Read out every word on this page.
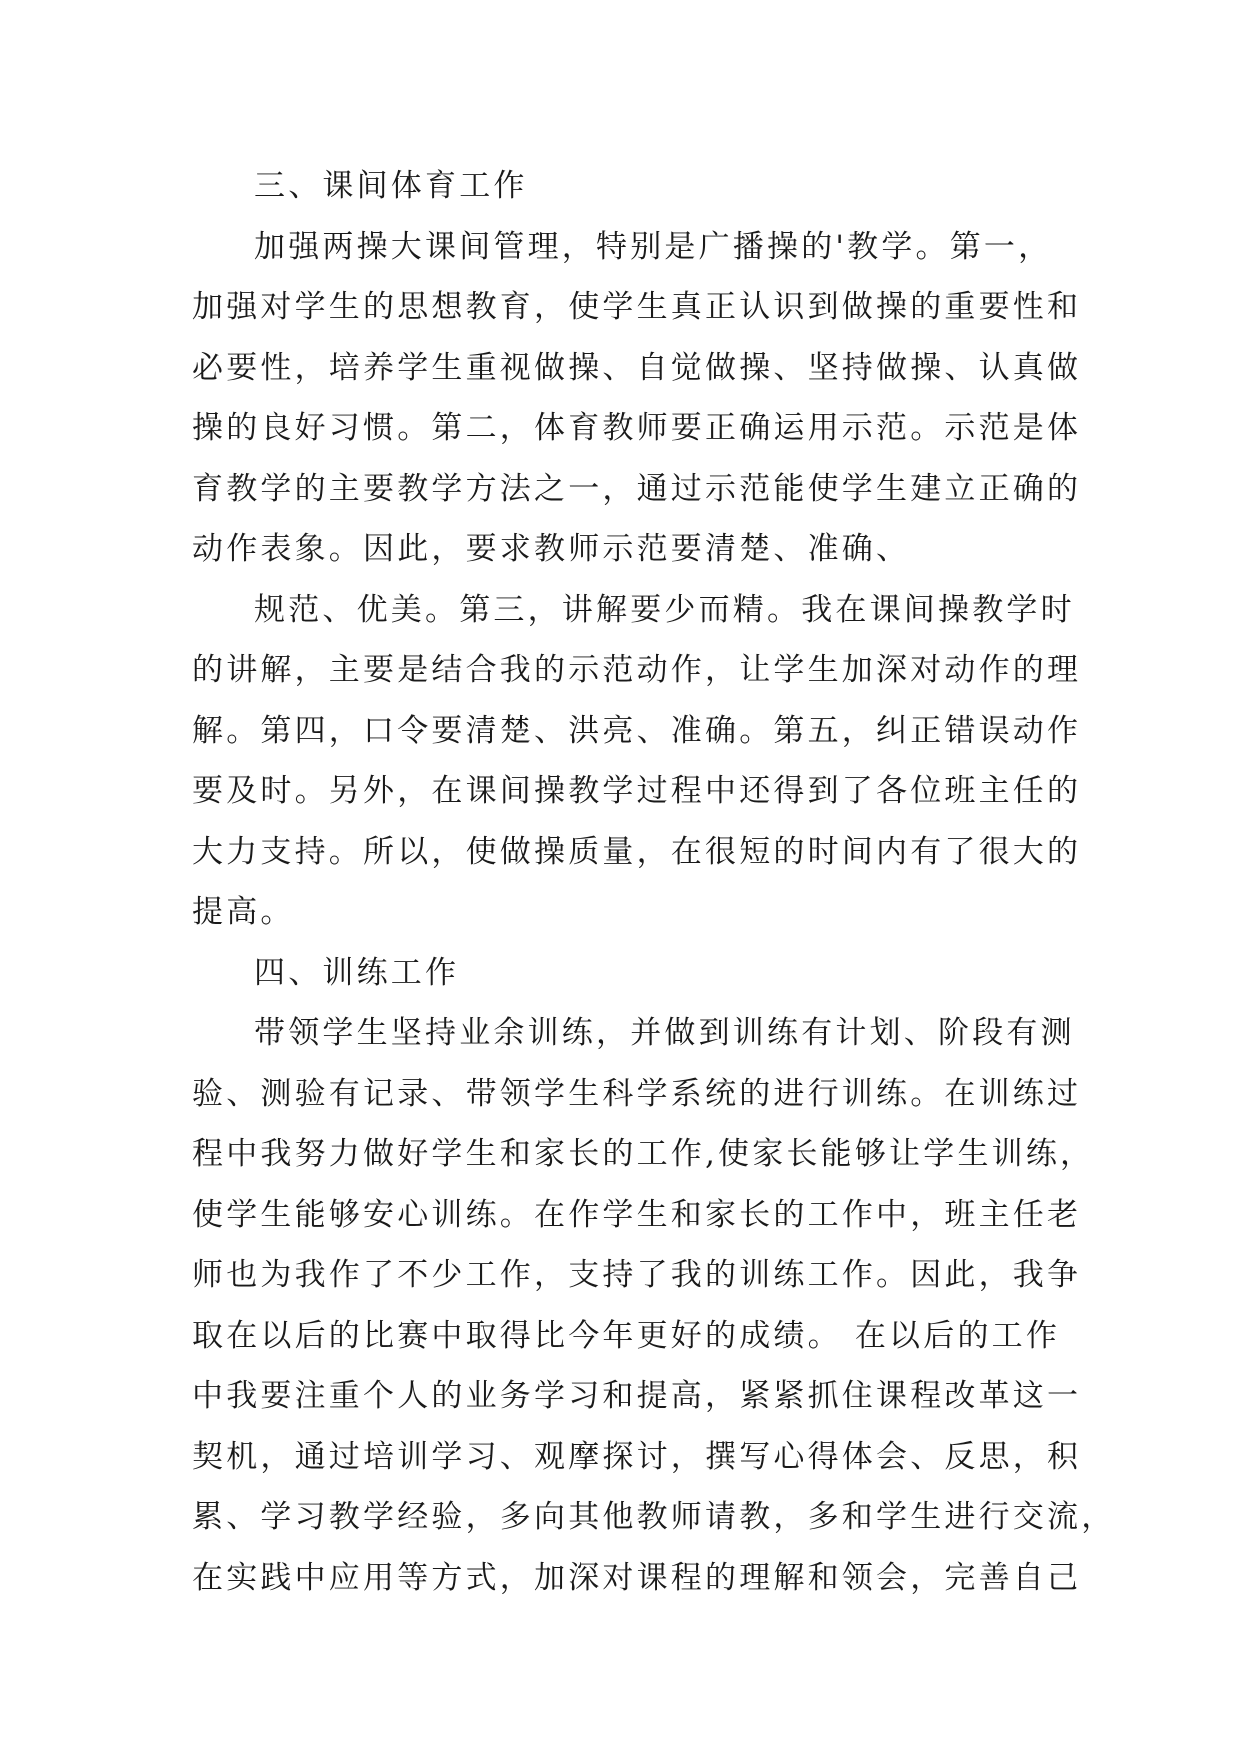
三、课间体育工作
加强两操大课间管理，特别是广播操的'教学。第一，
加强对学生的思想教育，使学生真正认识到做操的重要性和
必要性，培养学生重视做操、自觉做操、坚持做操、认真做
操的良好习惯。第二，体育教师要正确运用示范。示范是体
育教学的主要教学方法之一，通过示范能使学生建立正确的
动作表象。因此，要求教师示范要清楚、准确、
规范、优美。第三，讲解要少而精。我在课间操教学时
的讲解，主要是结合我的示范动作，让学生加深对动作的理
解。第四，口令要清楚、洪亮、准确。第五，纠正错误动作
要及时。另外，在课间操教学过程中还得到了各位班主任的
大力支持。所以，使做操质量，在很短的时间内有了很大的
提高。
四、训练工作
带领学生坚持业余训练，并做到训练有计划、阶段有测
验、测验有记录、带领学生科学系统的进行训练。在训练过
程中我努力做好学生和家长的工作,使家长能够让学生训练，
使学生能够安心训练。在作学生和家长的工作中，班主任老
师也为我作了不少工作，支持了我的训练工作。因此，我争
取在以后的比赛中取得比今年更好的成绩。 在以后的工作
中我要注重个人的业务学习和提高，紧紧抓住课程改革这一
契机，通过培训学习、观摩探讨，撰写心得体会、反思，积
累、学习教学经验，多向其他教师请教，多和学生进行交流，
在实践中应用等方式，加深对课程的理解和领会，完善自己
